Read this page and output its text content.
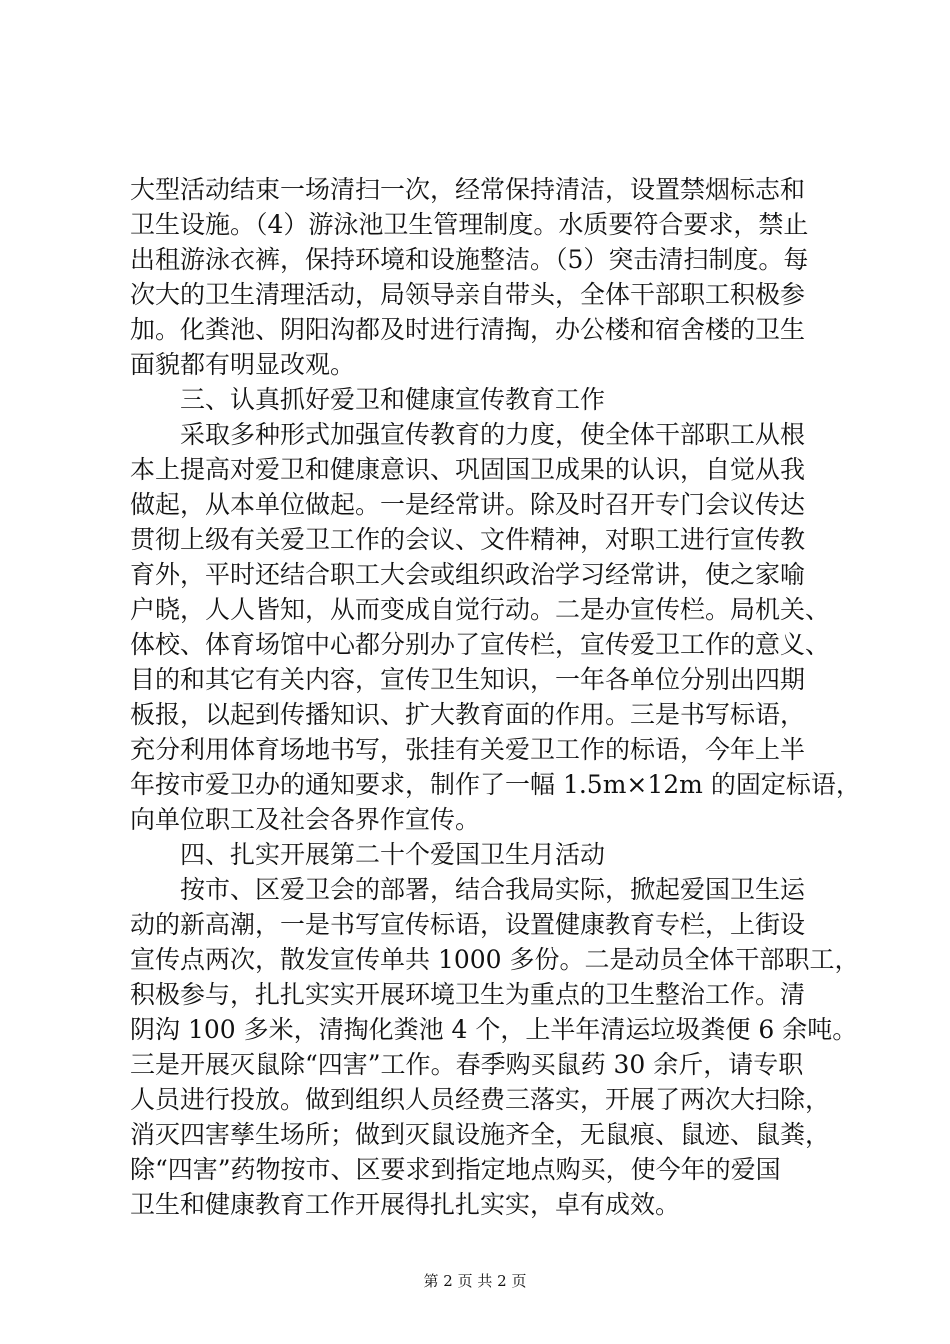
大型活动结束一场清扫一次，经常保持清洁，设置禁烟标志和
卫生设施。（4）游泳池卫生管理制度。水质要符合要求，禁止
出租游泳衣裤，保持环境和设施整洁。（5）突击清扫制度。每
次大的卫生清理活动，局领导亲自带头，全体干部职工积极参
加。化粪池、阴阳沟都及时进行清掏，办公楼和宿舍楼的卫生
面貌都有明显改观。
三、认真抓好爱卫和健康宣传教育工作
采取多种形式加强宣传教育的力度，使全体干部职工从根
本上提高对爱卫和健康意识、巩固国卫成果的认识，自觉从我
做起，从本单位做起。一是经常讲。除及时召开专门会议传达
贯彻上级有关爱卫工作的会议、文件精神，对职工进行宣传教
育外，平时还结合职工大会或组织政治学习经常讲，使之家喻
户晓，人人皆知，从而变成自觉行动。二是办宣传栏。局机关、
体校、体育场馆中心都分别办了宣传栏，宣传爱卫工作的意义、
目的和其它有关内容，宣传卫生知识，一年各单位分别出四期
板报，以起到传播知识、扩大教育面的作用。三是书写标语，
充分利用体育场地书写，张挂有关爱卫工作的标语，今年上半
年按市爱卫办的通知要求，制作了一幅 1.5m×12m 的固定标语，
向单位职工及社会各界作宣传。
四、扎实开展第二十个爱国卫生月活动
按市、区爱卫会的部署，结合我局实际，掀起爱国卫生运
动的新高潮，一是书写宣传标语，设置健康教育专栏，上街设
宣传点两次，散发宣传单共 1000 多份。二是动员全体干部职工，
积极参与，扎扎实实开展环境卫生为重点的卫生整治工作。清
阴沟 100 多米，清掏化粪池 4 个，上半年清运垃圾粪便 6 余吨。
三是开展灭鼠除“四害”工作。春季购买鼠药 30 余斤，请专职
人员进行投放。做到组织人员经费三落实，开展了两次大扫除，
消灭四害孳生场所；做到灭鼠设施齐全，无鼠痕、鼠迹、鼠粪，
除“四害”药物按市、区要求到指定地点购买，使今年的爱国
卫生和健康教育工作开展得扎扎实实，卓有成效。
第 2 页 共 2 页
